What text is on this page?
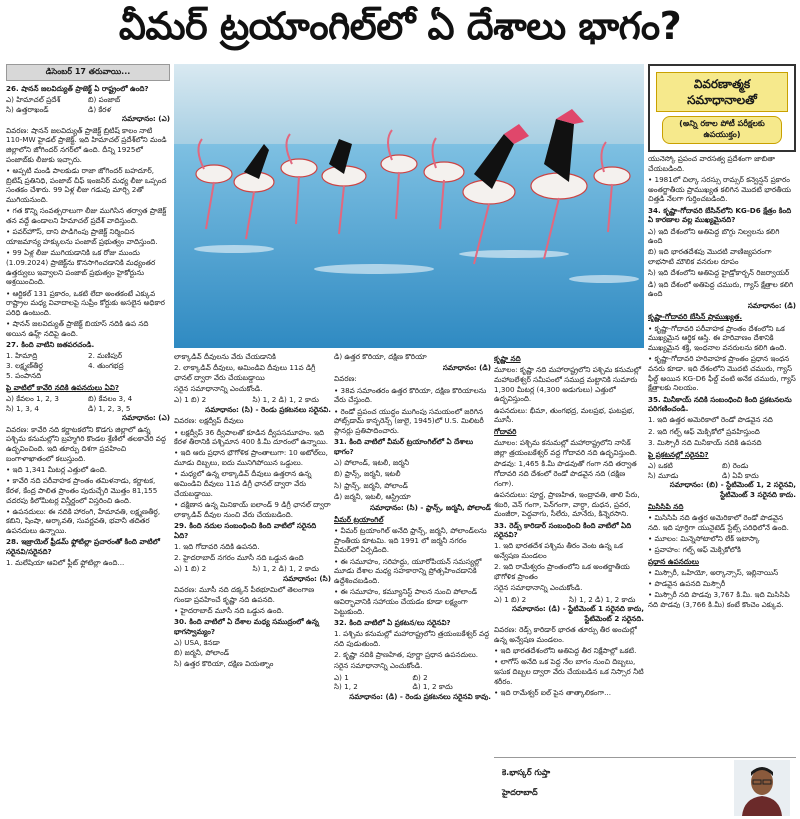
వీమర్ ట్రయాంగిల్‌లో ఏ దేశాలు భాగం?
డిసెంబర్ 17 తరువాయి...

26. షానన్ జలవిద్యుత్ ప్రాజెక్ట్ ఏ రాష్ట్రంలో ఉంది?

ఎ) హిమాచల్ ప్రదేశ్	బి) పంజాబ్
సి) ఉత్తరాఖండ్	డి) కేరళ

సమాధానం: (ఎ)

వివరణ: షానన్ జలవిద్యుత్ ప్రాజెక్ట్ బ్రిటిష్ కాలం నాటి 110-MW హైడల్ ప్రాజెక్ట్. ఇది హిమాచల్ ప్రదేశ్‌లోని మండి జిల్లాలోని జోగిందర్ నగర్‌లో ఉంది. దీన్ని 1925లో పంజాబ్‌కు లీజుకు ఇచ్చారు.

• అప్పటి మండి పాలకుడు రాజా జోగిందర్ బహదూర్, బ్రిటిష్ ప్రతినిధి, పంజాబ్ చీఫ్ ఇంజనీర్ మధ్య లీజు ఒప్పంద సంతకం చేశారు. 99 ఏళ్ల లీజు గడువు మార్చి 2తో ముగియనుంది.

• గత కొన్ని సంవత్సరాలుగా లీజు ముగిసిన తర్వాత ప్రాజెక్ట్ తన వద్దే ఉండాలని హిమాచల్ ప్రదేశ్ వాదిస్తుంది.

• పవర్‌హౌస్, దాని పొడిగింపు ప్రాజెక్ట్ నిర్మించిన యాజమాన్య హక్కులను పంజాబ్ ప్రభుత్వం వాదిస్తుంది.

• 99 ఏళ్ల లీజు ముగియడానికి ఒక రోజు ముందు (1.09.2024) ప్రాజెక్ట్‌ను కొనసాగించడానికి మధ్యంతర ఉత్తర్వులు ఇవ్వాలని పంజాబ్ ప్రభుత్వం హైకోర్టును ఆశ్రయించింది.

• ఆర్టికల్ 131 ప్రకారం, ఒకటి లేదా అంతకంటే ఎక్కువ రాష్ట్రాల మధ్య వివాదాలపై సుప్రీం కోర్టుకు అసలైన అధికార పరిధి ఉంటుంది.

• షానన్ జలవిద్యుత్ ప్రాజెక్ట్ బియాస్ నదికి ఉప నది అయిన ఉహ్ల్ నదిపై ఉంది.

27. కింది వాటిని జతపరచండి.

1. హిమాద్రి	2. మణిపుర్
3. లక్ష్మణ్‌తీర్థ	4. తుంగభద్ర

5. పంపానది

పై వాటిలో కావేరి నదికి ఉపనదులు ఏవి?

ఎ) కేవలం 1, 2, 3	బి) కేవలం 3, 4
సి) 1, 3, 4	డి) 1, 2, 3, 5

సమాధానం: (ఎ)

వివరణ: కావేరి నది కర్ణాటకలోని కొడగు జిల్లాలో ఉన్న పశ్చిమ కనుమల్లోని బ్రహ్మగిరి కొండల శ్రేణిలో తలకావేరి వద్ద ఉద్భవించింది. ఇది తూర్పు దిశగా ప్రవహించి బంగాళాఖాతంలో కలుస్తుంది.

• ఇది 1,341 మీటర్ల ఎత్తులో ఉంది.

• కావేరి నది పరీవాహక ప్రాంతం తమిళనాడు, కర్ణాటక, కేరళ, కేంద్ర పాలిత ప్రాంతం పుదుచ్చేరి మొత్తం 81,155 చదరపు కిలోమీటర్ల విస్తీర్ణంలో విస్తరించి ఉంది.

• ఉపనదులు: ఈ నదికి హారంగి, హేమావతి, లక్ష్మణతీర్థ, కబిని, షింషా, అర్కావతి, సువర్ణవతి, భవానీ తదితర ఉపనదులు ఉన్నాయి.

28. ఇజ్రాయెల్ ఫ్రీడమ్ ఫ్లోటిల్లా ప్రచారంతో కింది వాటిలో సరైనవి/సరైనది?

1. మలేషియా ఆవిలో ఫ్లీట్ ఫ్లోటిల్లా ఉంది...

లాక్కాడివ్ దీవులను వేరు చేయడానికి

2. లాక్కాడివ్ దీవులు, అమిండివి దీవులు 11వ డిగ్రీ ఛానల్ ద్వారా వేరు చేయబడ్డాయి

సరైన సమాధానాన్ని ఎంచుకోండి.

ఎ) 1 బి) 2	సి) 1, 2 డి) 1, 2 కాదు

సమాధానం: (సి) - రెండు ప్రకటనలు సరైనవి.

వివరణ: లక్షద్వీప్ దీవులు

• లక్షద్వీప్ 36 ద్వీపాలతో కూడిన ద్వీపసమూహం. ఇది కేరళ తీరానికి పశ్చిమాన 400 కి.మీ దూరంలో ఉన్నాయి.

• ఇది ఆరు ప్రధాన భౌగోళిక ప్రాంతాలుగా: 10 అటోల్‌లు, మూడు దిబ్బలు, ఐదు మునిగిపోయిన ఒడ్డులు.

• మధ్యలో ఉన్న లాక్కాడివ్ దీవులు ఉత్తరాన ఉన్న అమిండివి దీవులు 11వ డిగ్రీ ఛానల్ ద్వారా వేరు చేయబడ్డాయి.

• దక్షిణాన ఉన్న మినికాయ్ ఐలాండ్ 9 డిగ్రీ ఛానల్ ద్వారా లాక్కాడివ్ దీవుల నుంచి వేరు చేయబడింది.

29. కింది నదుల సంబంధించి కింది వాటిలో సరైనది ఏది?

1. ఇది గోదావరి నదికి ఉపనది.

2. హైదరాబాద్ నగరం మూసీ నది ఒడ్డున ఉంది

ఎ) 1 బి) 2	సి) 1, 2 డి) 1, 2 కాదు

సమాధానం: (సి)

వివరణ: మూసీ నది దక్కన్ పీఠభూమిలో తెలంగాణ గుండా ప్రవహించే కృష్ణా నది ఉపనది.

• హైదరాబాద్ మూసీ నది ఒడ్డున ఉంది.

30. కింది వాటిలో ఏ దేశాల మధ్య సముద్రంలో ఉన్న భాగస్వామ్యం?

ఎ) USA, కెనడా

బి) జర్మనీ, పోలాండ్

సి) ఉత్తర కొరియా, దక్షిణ వియత్నాం

డి) ఉత్తర కొరియా, దక్షిణ కొరియా

సమాధానం: (డి)

వివరణ:

• 38వ సమాంతరం ఉత్తర కొరియా, దక్షిణ కొరియాలను వేరు చేస్తుంది.

• రెండో ప్రపంచ యుద్ధం ముగింపు సమయంలో జరిగిన పోట్స్‌డామ్ కాన్ఫరెన్స్ (జులై, 1945)లో U.S. మిలిటరీ ప్లానర్లు ప్రతిపాదించారు.

31. కింది వాటిలో వీమర్ ట్రయాంగిల్‌లో ఏ దేశాలు భాగం?

ఎ) పోలాండ్, ఇటలీ, జర్మనీ

బి) ఫ్రాన్స్, జర్మనీ, ఇటలీ

సి) ఫ్రాన్స్, జర్మనీ, పోలాండ్

డి) జర్మనీ, ఇటలీ, ఆస్ట్రియా

సమాధానం: (సి) - ఫ్రాన్స్, జర్మనీ, పోలాండ్

వీమర్ ట్రయాంగిల్

• వీమర్ ట్రయాంగిల్ అనేది ఫ్రాన్స్, జర్మనీ, పోలాండ్‌లను ప్రాంతీయ కూటమి. ఇది 1991 లో జర్మనీ నగరం వీమర్‌లో ఏర్పడింది.

• ఈ సమూహం, సరిహద్దు, యూరోపియన్ సమస్యల్లో మూడు దేశాల మధ్య సహకారాన్ని ప్రోత్సహించడానికి ఉద్దేశించబడింది.

• ఈ సమూహం, కమ్యూనిస్ట్ పాలన నుంచి పోలాండ్ ఆవిర్భావానికి సహాయం చేయడం కూడా లక్ష్యంగా పెట్టుకుంది.

32. కింది వాటిలో ఏ ప్రకటన/లు సరైనవి?

1. పశ్చిమ కనుమల్లో మహారాష్ట్రలోని త్రయంబకేశ్వర్ వద్ద నది పుడుతుంది.

2. కృష్ణా నదికి ప్రాణహిత, పూర్ణా ప్రధాన ఉపనదులు.

సరైన సమాధానాన్ని ఎంచుకోండి.

ఎ) 1	బి) 2
సి) 1, 2	డి) 1, 2 కాదు

సమాధానం: (డి) - రెండు ప్రకటనలు సరైనవి కావు.

కృష్ణా నది

మూలం: కృష్ణా నది మహారాష్ట్రలోని పశ్చిమ కనుమల్లో మహాబలేశ్వర్ సమీపంలో సముద్ర మట్టానికి సుమారు 1,300 మీటర్ల (4,300 అడుగులు) ఎత్తులో ఉద్భవిస్తుంది.

ఉపనదులు: భీమా, తుంగభద్ర, మలప్రభ, ఘటప్రభ, మూసీ.

గోదావరి

మూలం: పశ్చిమ కనుమల్లో మహారాష్ట్రలోని నాసిక్ జిల్లా త్రయంబకేశ్వర్ వద్ద గోదావరి నది ఉద్భవిస్తుంది.

పొడవు: 1,465 కి.మీ పొడవుతో గంగా నది తర్వాత గోదావరి నది దేశంలో రెండో పొడవైన నది (దక్షిణ గంగా).

ఉపనదులు: పూర్ణ, ప్రాణహిత, ఇంద్రావతి, తాలి పేరు, శబరి, వెన్ గంగా, పెన్‌గంగా, వార్ధా, దుధన, ప్రవర, మంజీరా, పెద్దవాగు, సీలేరు, మానేరు, కిన్నెరసాని.

33. రెడ్స్ కారిడార్ సంబంధించి కింది వాటిలో ఏది సరైనవి?

1. ఇది భారతదేశ పశ్చిమ తీరం వెంట ఉన్న ఒక అన్వేషణ మండలం

2. ఇది రామేశ్వరం ప్రాంతంలోని ఒక అంతర్జాతీయ భౌగోళిక ప్రాంతం

సరైన సమాధానాన్ని ఎంచుకోండి.

ఎ) 1 బి) 2	సి) 1, 2 డి) 1, 2 కాదు

సమాధానం: (డి) - స్టేటిమెంట్ 1 సరైనది కాదు, స్టేటిమెంట్ 2 సరైనది.

వివరణ: రెడ్స్ కారిడార్ భారత తూర్పు తీర అంచుల్లో ఉన్న అన్వేషణ మండలం.

• ఇది భారతదేశంలోని అతిపెద్ద తీర నిక్షేపాల్లో ఒకటి.

• లాగోస్ అనేది ఒక పెద్ద నేల బాగం నుంచి దిబ్బలు, ఇసుక దిబ్బల ద్వారా వేరు చేయబడిన ఒక నిస్సార నీటి శరీరం.

• ఇది రామేశ్వర్ ఐల్ పైన తాత్కాలికంగా...

వివరణాత్మక సమాధానాలతో
(అన్ని రకాల పోటీ పరీక్షలకు ఉపయుక్తం)

యునెస్కో ప్రపంచ వారసత్వ ప్రదేశంగా జాబితా చేయబడింది.

• 1981లో చిల్కా సరస్సు రామ్సర్ కన్వెన్షన్ ప్రకారం అంతర్జాతీయ ప్రాముఖ్యత కలిగిన మొదటి భారతీయ చిత్తడి నేలగా గుర్తించబడింది.

34. కృష్ణా-గోదావరి బేసిన్‌లోని KG-D6 క్షేత్రం కింది ఏ కారణాల వల్ల ముఖ్యమైనది?

ఎ) ఇది దేశంలోని అతిపెద్ద బొగ్గు నిల్వలను కలిగి ఉంది

బి) ఇది భారతదేశపు మొదటి వాణిజ్యపరంగా లాభసాటి మౌలిక వనరుల రూపం

సి) ఇది దేశంలోని అతిపెద్ద హైడ్రోకార్బన్ రిజర్వాయర్

డి) ఇది దేశంలో అతిపెద్ద చమురు, గ్యాస్ క్షేత్రాల కలిగి ఉంది

సమాధానం: (డి)

కృష్ణా-గోదావరి బేసిన్ ప్రాముఖ్యత.

• కృష్ణా-గోదావరి పరీవాహక ప్రాంతం దేశంలోని ఒక ముఖ్యమైన ఆర్థిక ఆస్తి. ఈ హరివాణం దేశానికి ముఖ్యమైన శక్తి, ఇంధనాల వనరులను కలిగి ఉంది.

• కృష్ణా-గోదావరి హరివాహక ప్రాంతం ప్రధాన ఇంధన వనరు కూడా. ఇది దేశంలోని మొదటి చమురు, గ్యాస్ ఫీల్డ్ అయిన KG-D6 ఫీల్డ్ వంటి అనేక చమురు, గ్యాస్ క్షేత్రాలకు నిలయం.

35. మినీకాయ్ నదికి సంబంధించి కింది ప్రకటనలను పరిగణించండి.

1. ఇది ఉత్తర అమెరికాలో రెండో పొడవైన నది

2. ఇది గల్ఫ్ ఆఫ్ మెక్సికోలో ప్రవహిస్తుంది

3. మిస్సౌరీ నది మినీకాయ్ నదికి ఉపనది

పై ప్రకటనల్లో సరైనవి?

ఎ) ఒకటి	బి) రెండు
సి) మూడు	డి) ఏవీ కాదు

సమాధానం: (బి) - స్టేటిమెంట్ 1, 2 సరైనవి, స్టేటిమెంట్ 3 సరైనది కాదు.

మిసిసిపి నది

• మిసిసిపి నది ఉత్తర అమెరికాలో రెండో పొడవైన నది. ఇది పూర్తిగా యునైటెడ్ స్టేట్స్ పరిధిలోనే ఉంది.

• మూలం: మిన్నెసోటాలోని లేక్ ఇటాస్కా

• ప్రవాహం: గల్ఫ్ ఆఫ్ మెక్సికోలోకి

ప్రధాన ఉపనదులు

• మిస్సౌరీ, ఒహియో, అర్కాన్సాస్, ఇల్లినాయిస్

• పొడవైన ఉపనది మిస్సౌరీ

• మిస్సౌరీ నది పొడవు 3,767 కి.మీ. ఇది మిసిసిపి నది పొడవు (3,766 కి.మీ) కంటే కొంచెం ఎక్కువ.

కె.భాస్కర్ గుప్తా
హైదరాబాద్
